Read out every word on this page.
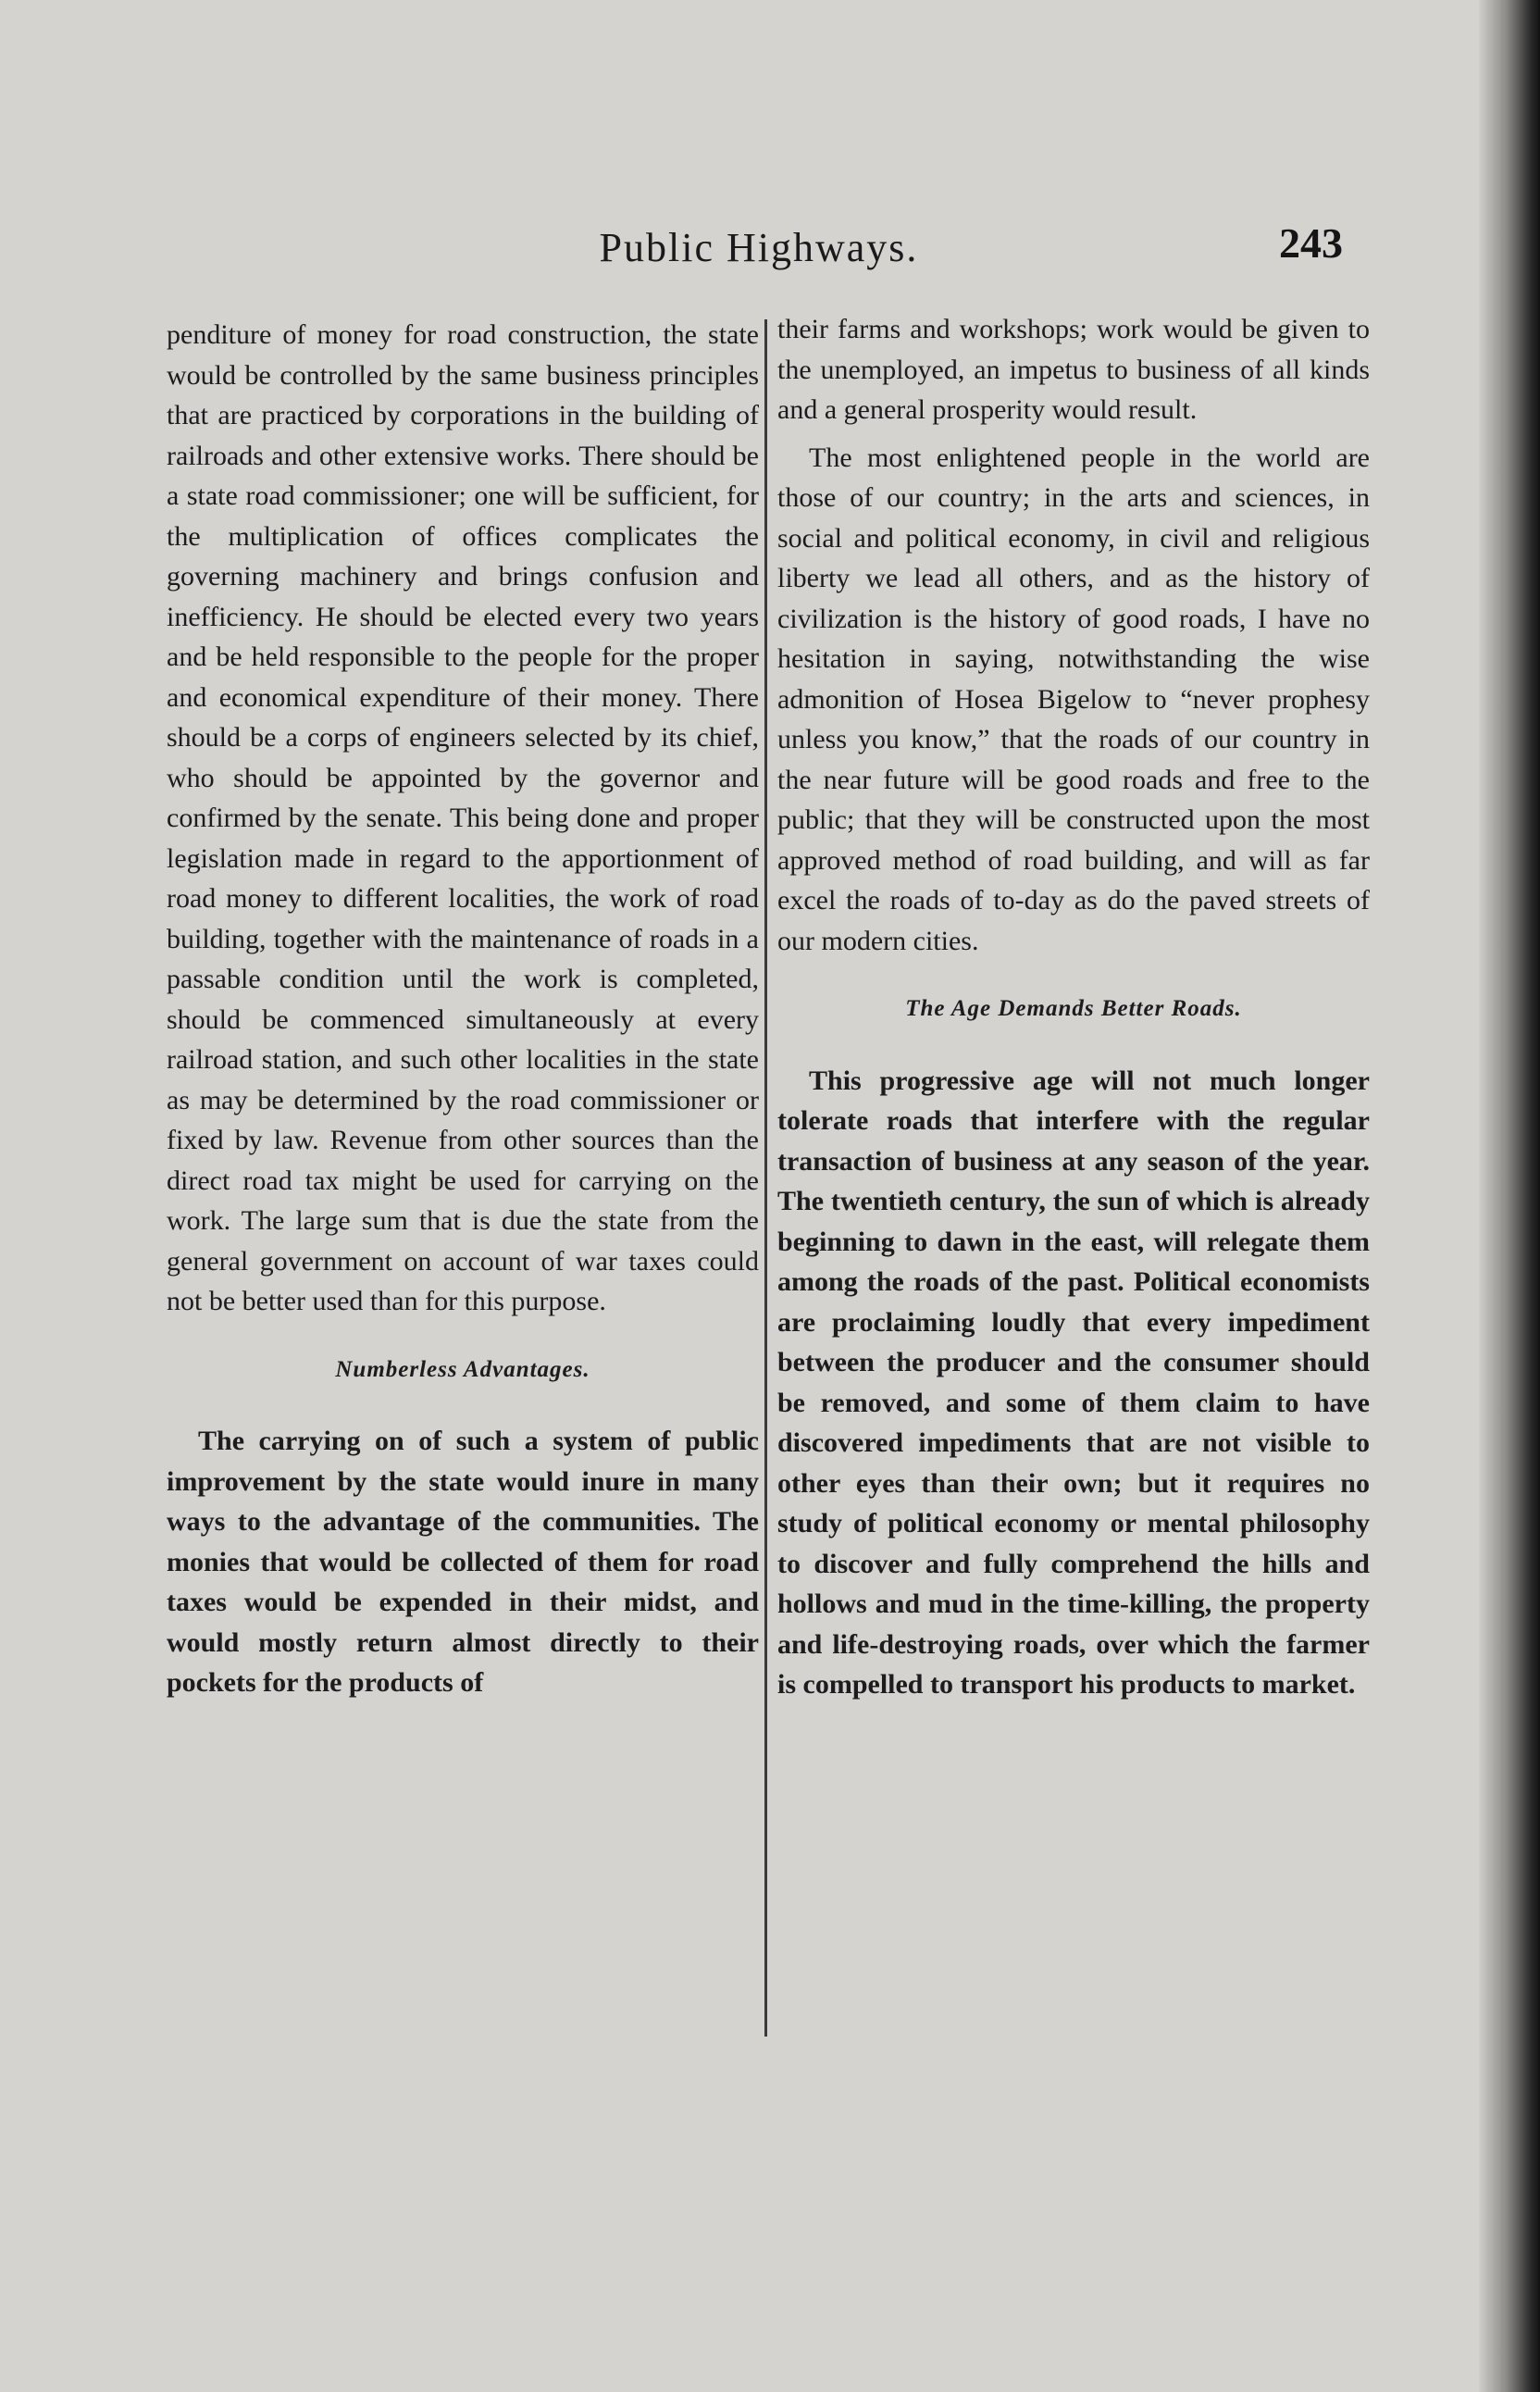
Public Highways.	243

penditure of money for road construction, the state would be controlled by the same business principles that are practiced by corporations in the building of railroads and other extensive works. There should be a state road commissioner; one will be sufficient, for the multiplication of offices complicates the governing machinery and brings confusion and inefficiency. He should be elected every two years and be held responsible to the people for the proper and economical expenditure of their money. There should be a corps of engineers selected by its chief, who should be appointed by the governor and confirmed by the senate. This being done and proper legislation made in regard to the apportionment of road money to different localities, the work of road building, together with the maintenance of roads in a passable condition until the work is completed, should be commenced simultaneously at every railroad station, and such other localities in the state as may be determined by the road commissioner or fixed by law. Revenue from other sources than the direct road tax might be used for carrying on the work. The large sum that is due the state from the general government on account of war taxes could not be better used than for this purpose.

Numberless Advantages.

The carrying on of such a system of public improvement by the state would inure in many ways to the advantage of the communities. The monies that would be collected of them for road taxes would be expended in their midst, and would mostly return almost directly to their pockets for the products of

their farms and workshops; work would be given to the unemployed, an impetus to business of all kinds and a general prosperity would result.

The most enlightened people in the world are those of our country; in the arts and sciences, in social and political economy, in civil and religious liberty we lead all others, and as the history of civilization is the history of good roads, I have no hesitation in saying, notwithstanding the wise admonition of Hosea Bigelow to “never prophesy unless you know,” that the roads of our country in the near future will be good roads and free to the public; that they will be constructed upon the most approved method of road building, and will as far excel the roads of to-day as do the paved streets of our modern cities.

The Age Demands Better Roads.

This progressive age will not much longer tolerate roads that interfere with the regular transaction of business at any season of the year. The twentieth century, the sun of which is already beginning to dawn in the east, will relegate them among the roads of the past. Political economists are proclaiming loudly that every impediment between the producer and the consumer should be removed, and some of them claim to have discovered impediments that are not visible to other eyes than their own; but it requires no study of political economy or mental philosophy to discover and fully comprehend the hills and hollows and mud in the time-killing, the property and life-destroying roads, over which the farmer is compelled to transport his products to market.
